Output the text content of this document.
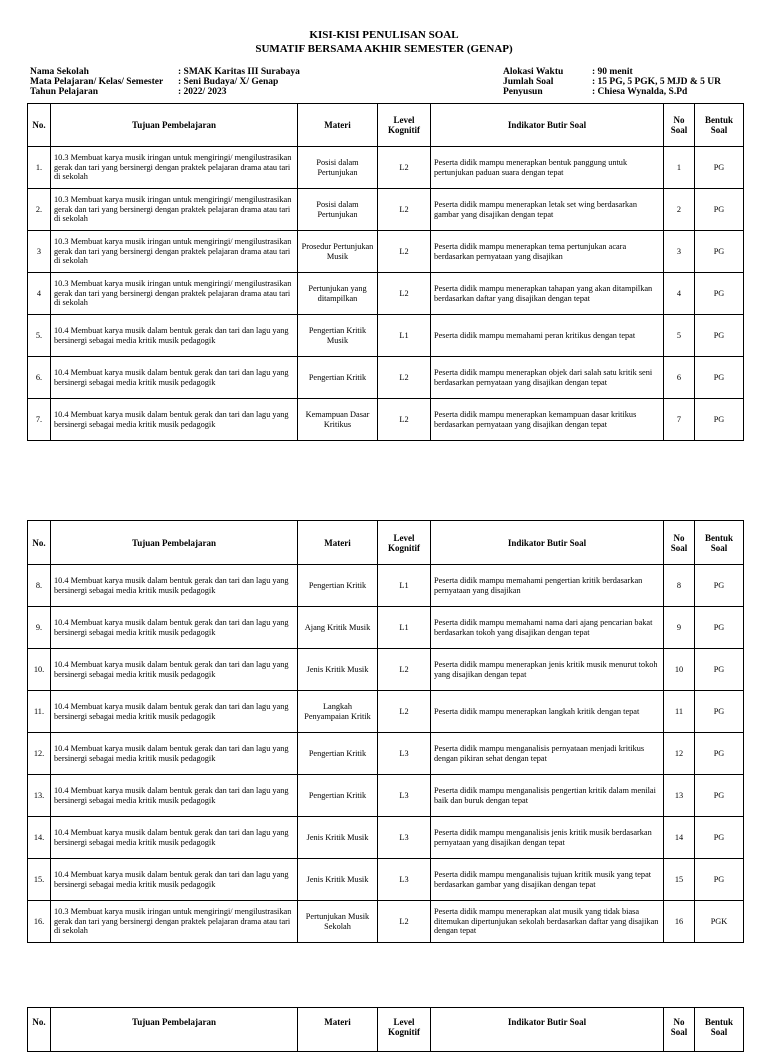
KISI-KISI PENULISAN SOAL
SUMATIF BERSAMA AKHIR SEMESTER (GENAP)
Nama Sekolah	: SMAK Karitas III Surabaya
Mata Pelajaran/ Kelas/ Semester : Seni Budaya/ X/ Genap
Tahun Pelajaran	: 2022/ 2023
Alokasi Waktu	: 90 menit
Jumlah Soal	: 15 PG, 5 PGK, 5 MJD & 5 UR
Penyusun	: Chiesa Wynalda, S.Pd
No.	Tujuan Pembelajaran	Materi	Level Kognitif	Indikator Butir Soal	No Soal	Bentuk Soal
1.	10.3 Membuat karya musik iringan untuk mengiringi/ mengilustrasikan gerak dan tari yang bersinergi dengan praktek pelajaran drama atau tari di sekolah	Posisi dalam Pertunjukan	L2	Peserta didik mampu menerapkan bentuk panggung untuk pertunjukan paduan suara dengan tepat	1	PG
2.	10.3 Membuat karya musik iringan untuk mengiringi/ mengilustrasikan gerak dan tari yang bersinergi dengan praktek pelajaran drama atau tari di sekolah	Posisi dalam Pertunjukan	L2	Peserta didik mampu menerapkan letak set wing berdasarkan gambar yang disajikan dengan tepat	2	PG
3	10.3 Membuat karya musik iringan untuk mengiringi/ mengilustrasikan gerak dan tari yang bersinergi dengan praktek pelajaran drama atau tari di sekolah	Prosedur Pertunjukan Musik	L2	Peserta didik mampu menerapkan tema pertunjukan acara berdasarkan pernyataan yang disajikan	3	PG
4	10.3 Membuat karya musik iringan untuk mengiringi/ mengilustrasikan gerak dan tari yang bersinergi dengan praktek pelajaran drama atau tari di sekolah	Pertunjukan yang ditampilkan	L2	Peserta didik mampu menerapkan tahapan yang akan ditampilkan berdasarkan daftar yang disajikan dengan tepat	4	PG
5.	10.4 Membuat karya musik dalam bentuk gerak dan tari dan lagu yang bersinergi sebagai media kritik musik pedagogik	Pengertian Kritik Musik	L1	Peserta didik mampu memahami peran kritikus dengan tepat	5	PG
6.	10.4 Membuat karya musik dalam bentuk gerak dan tari dan lagu yang bersinergi sebagai media kritik musik pedagogik	Pengertian Kritik	L2	Peserta didik mampu menerapkan objek dari salah satu kritik seni berdasarkan pernyataan yang disajikan dengan tepat	6	PG
7.	10.4 Membuat karya musik dalam bentuk gerak dan tari dan lagu yang bersinergi sebagai media kritik musik pedagogik	Kemampuan Dasar Kritikus	L2	Peserta didik mampu menerapkan kemampuan dasar kritikus berdasarkan pernyataan yang disajikan dengan tepat	7	PG
No.	Tujuan Pembelajaran	Materi	Level Kognitif	Indikator Butir Soal	No Soal	Bentuk Soal
8.	10.4 Membuat karya musik dalam bentuk gerak dan tari dan lagu yang bersinergi sebagai media kritik musik pedagogik	Pengertian Kritik	L1	Peserta didik mampu memahami pengertian kritik berdasarkan pernyataan yang disajikan	8	PG
9.	10.4 Membuat karya musik dalam bentuk gerak dan tari dan lagu yang bersinergi sebagai media kritik musik pedagogik	Ajang Kritik Musik	L1	Peserta didik mampu memahami nama dari ajang pencarian bakat berdasarkan tokoh yang disajikan dengan tepat	9	PG
10.	10.4 Membuat karya musik dalam bentuk gerak dan tari dan lagu yang bersinergi sebagai media kritik musik pedagogik	Jenis Kritik Musik	L2	Peserta didik mampu menerapkan jenis kritik musik menurut tokoh yang disajikan dengan tepat	10	PG
11.	10.4 Membuat karya musik dalam bentuk gerak dan tari dan lagu yang bersinergi sebagai media kritik musik pedagogik	Langkah Penyampaian Kritik	L2	Peserta didik mampu menerapkan langkah kritik dengan tepat	11	PG
12.	10.4 Membuat karya musik dalam bentuk gerak dan tari dan lagu yang bersinergi sebagai media kritik musik pedagogik	Pengertian Kritik	L3	Peserta didik mampu menganalisis pernyataan menjadi kritikus dengan pikiran sehat dengan tepat	12	PG
13.	10.4 Membuat karya musik dalam bentuk gerak dan tari dan lagu yang bersinergi sebagai media kritik musik pedagogik	Pengertian Kritik	L3	Peserta didik mampu menganalisis pengertian kritik dalam menilai baik dan buruk dengan tepat	13	PG
14.	10.4 Membuat karya musik dalam bentuk gerak dan tari dan lagu yang bersinergi sebagai media kritik musik pedagogik	Jenis Kritik Musik	L3	Peserta didik mampu menganalisis jenis kritik musik berdasarkan pernyataan yang disajikan dengan tepat	14	PG
15.	10.4 Membuat karya musik dalam bentuk gerak dan tari dan lagu yang bersinergi sebagai media kritik musik pedagogik	Jenis Kritik Musik	L3	Peserta didik mampu menganalisis tujuan kritik musik yang tepat berdasarkan gambar yang disajikan dengan tepat	15	PG
16.	10.3 Membuat karya musik iringan untuk mengiringi/ mengilustrasikan gerak dan tari yang bersinergi dengan praktek pelajaran drama atau tari di sekolah	Pertunjukan Musik Sekolah	L2	Peserta didik mampu menerapkan alat musik yang tidak biasa ditemukan dipertunjukan sekolah berdasarkan daftar yang disajikan dengan tepat	16	PGK
No.	Tujuan Pembelajaran	Materi	Level Kognitif	Indikator Butir Soal	No Soal	Bentuk Soal
